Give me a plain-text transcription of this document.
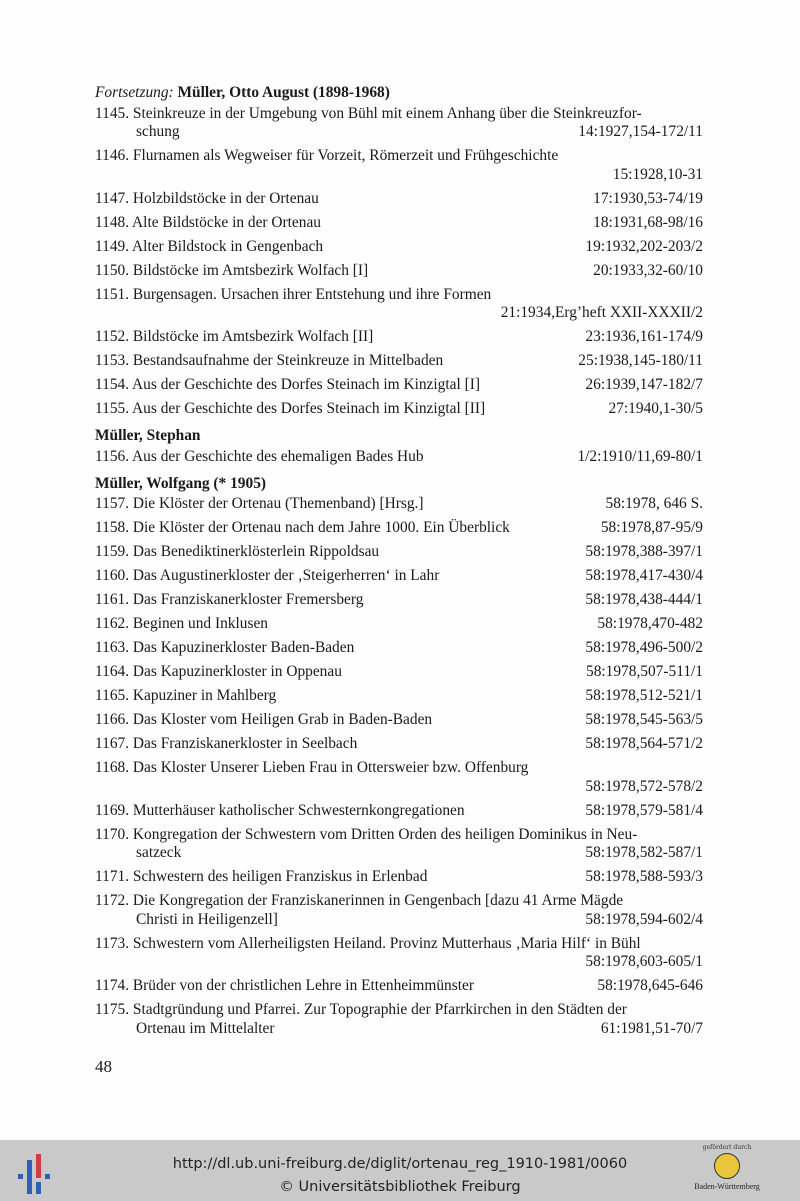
Fortsetzung: Müller, Otto August (1898-1968)
1145. Steinkreuze in der Umgebung von Bühl mit einem Anhang über die Steinkreuzfor-
schung	14:1927,154-172/11
1146. Flurnamen als Wegweiser für Vorzeit, Römerzeit und Frühgeschichte
15:1928,10-31
1147. Holzbildstöcke in der Ortenau	17:1930,53-74/19
1148. Alte Bildstöcke in der Ortenau	18:1931,68-98/16
1149. Alter Bildstock in Gengenbach	19:1932,202-203/2
1150. Bildstöcke im Amtsbezirk Wolfach [I]	20:1933,32-60/10
1151. Burgensagen. Ursachen ihrer Entstehung und ihre Formen
21:1934,Erg’heft XXII-XXXII/2
1152. Bildstöcke im Amtsbezirk Wolfach [II]	23:1936,161-174/9
1153. Bestandsaufnahme der Steinkreuze in Mittelbaden	25:1938,145-180/11
1154. Aus der Geschichte des Dorfes Steinach im Kinzigtal [I]	26:1939,147-182/7
1155. Aus der Geschichte des Dorfes Steinach im Kinzigtal [II]	27:1940,1-30/5
Müller, Stephan
1156. Aus der Geschichte des ehemaligen Bades Hub	1/2:1910/11,69-80/1
Müller, Wolfgang (* 1905)
1157. Die Klöster der Ortenau (Themenband) [Hrsg.]	58:1978, 646 S.
1158. Die Klöster der Ortenau nach dem Jahre 1000. Ein Überblick	58:1978,87-95/9
1159. Das Benediktinerklösterlein Rippoldsau	58:1978,388-397/1
1160. Das Augustinerkloster der ‚Steigerherren‘ in Lahr	58:1978,417-430/4
1161. Das Franziskanerkloster Fremersberg	58:1978,438-444/1
1162. Beginen und Inklusen	58:1978,470-482
1163. Das Kapuzinerkloster Baden-Baden	58:1978,496-500/2
1164. Das Kapuzinerkloster in Oppenau	58:1978,507-511/1
1165. Kapuziner in Mahlberg	58:1978,512-521/1
1166. Das Kloster vom Heiligen Grab in Baden-Baden	58:1978,545-563/5
1167. Das Franziskanerkloster in Seelbach	58:1978,564-571/2
1168. Das Kloster Unserer Lieben Frau in Ottersweier bzw. Offenburg
58:1978,572-578/2
1169. Mutterhäuser katholischer Schwesternkongregationen	58:1978,579-581/4
1170. Kongregation der Schwestern vom Dritten Orden des heiligen Dominikus in Neu-
satzeck	58:1978,582-587/1
1171. Schwestern des heiligen Franziskus in Erlenbad	58:1978,588-593/3
1172. Die Kongregation der Franziskanerinnen in Gengenbach [dazu 41 Arme Mägde
Christi in Heiligenzell]	58:1978,594-602/4
1173. Schwestern vom Allerheiligsten Heiland. Provinz Mutterhaus ‚Maria Hilf‘ in Bühl
58:1978,603-605/1
1174. Brüder von der christlichen Lehre in Ettenheimmünster	58:1978,645-646
1175. Stadtgründung und Pfarrei. Zur Topographie der Pfarrkirchen in den Städten der
Ortenau im Mittelalter	61:1981,51-70/7
48
http://dl.ub.uni-freiburg.de/diglit/ortenau_reg_1910-1981/0060
© Universitätsbibliothek Freiburg
gefördert durch
Baden-Württemberg
